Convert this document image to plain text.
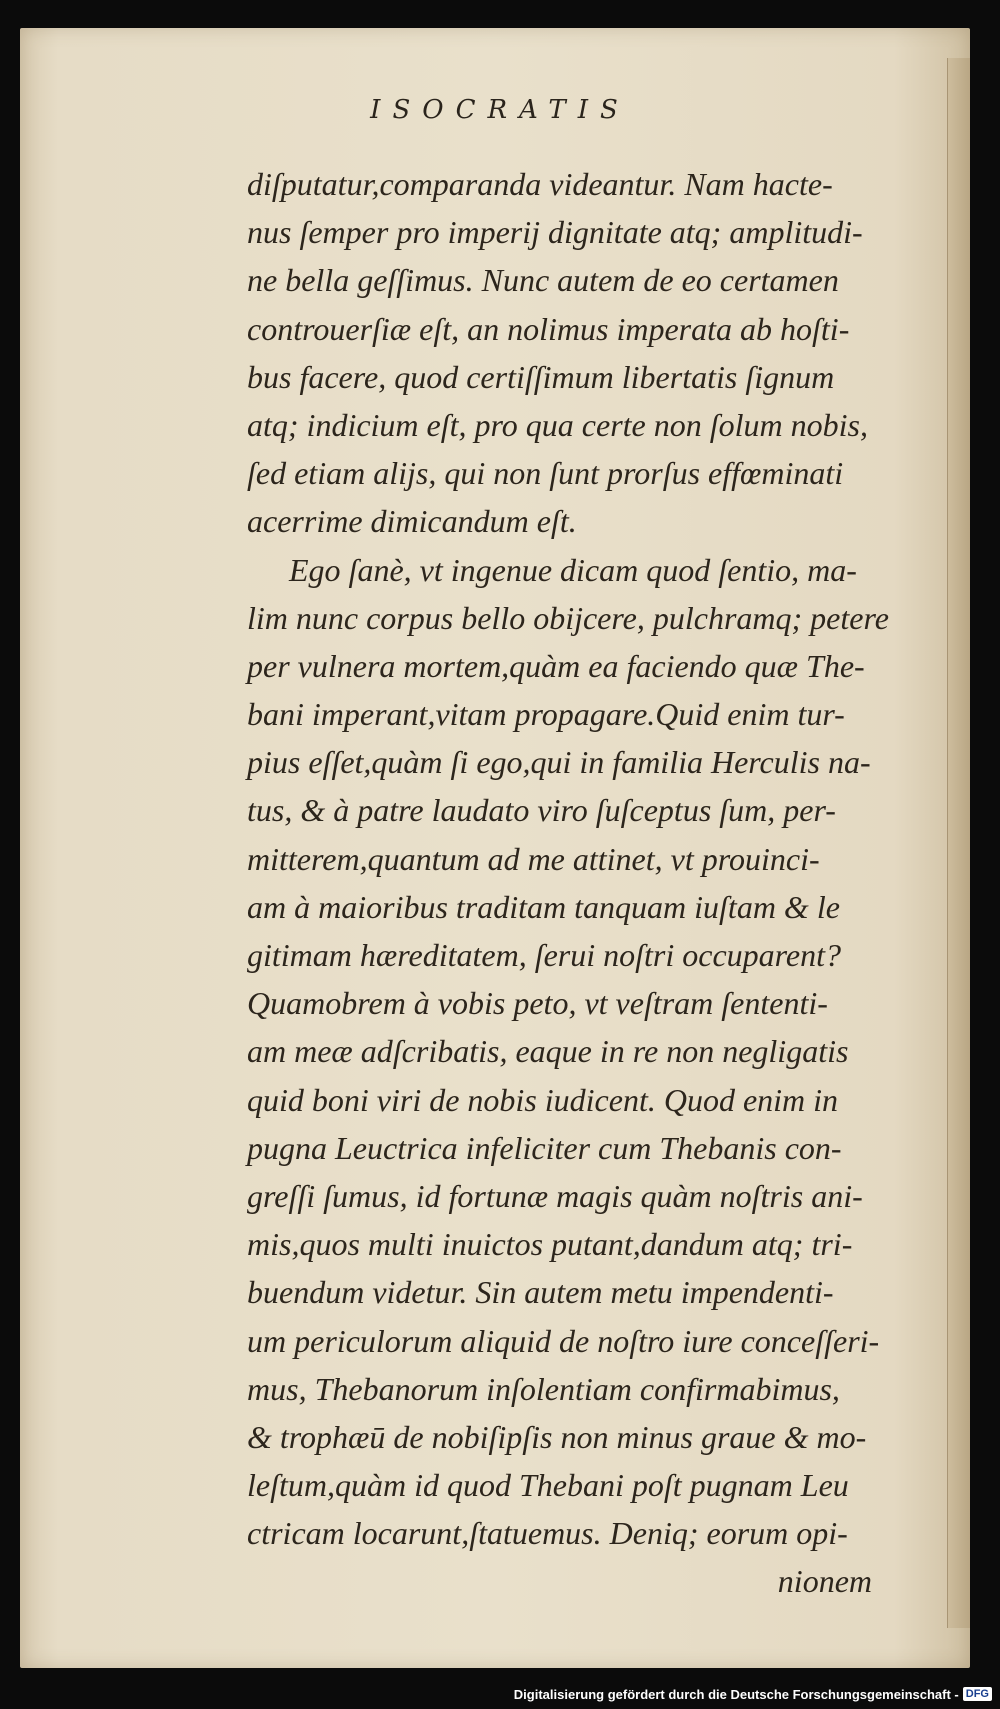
ISOCRATIS
diſputatur,comparanda videantur. Nam hacte-
nus ſemper pro imperij dignitate atq; amplitudi-
ne bella geſſimus. Nunc autem de eo certamen
controuerſiæ eſt, an nolimus imperata ab hoſti-
bus facere, quod certiſſimum libertatis ſignum
atq; indicium eſt, pro qua certe non ſolum nobis,
ſed etiam alijs, qui non ſunt prorſus effœminati
acerrime dimicandum eſt.
Ego ſanè, vt ingenue dicam quod ſentio, ma-
lim nunc corpus bello obijcere, pulchramq; petere
per vulnera mortem,quàm ea faciendo quæ The-
bani imperant,vitam propagare.Quid enim tur-
pius eſſet,quàm ſi ego,qui in familia Herculis na-
tus, & à patre laudato viro ſuſceptus ſum, per-
mitterem,quantum ad me attinet, vt prouinci-
am à maioribus traditam tanquam iuſtam & le
gitimam hæreditatem, ſerui noſtri occuparent?
Quamobrem à vobis peto, vt veſtram ſententi-
am meæ adſcribatis, eaque in re non negligatis
quid boni viri de nobis iudicent. Quod enim in
pugna Leuctrica infeliciter cum Thebanis con-
greſſi ſumus, id fortunæ magis quàm noſtris ani-
mis,quos multi inuictos putant,dandum atq; tri-
buendum videtur. Sin autem metu impendenti-
um periculorum aliquid de noſtro iure conceſſeri-
mus, Thebanorum inſolentiam confirmabimus,
& trophæū de nobiſipſis non minus graue & mo-
leſtum,quàm id quod Thebani poſt pugnam Leu
ctricam locarunt,ſtatuemus. Deniq; eorum opi-
nionem
Digitalisierung gefördert durch die Deutsche Forschungsgemeinschaft - DFG
